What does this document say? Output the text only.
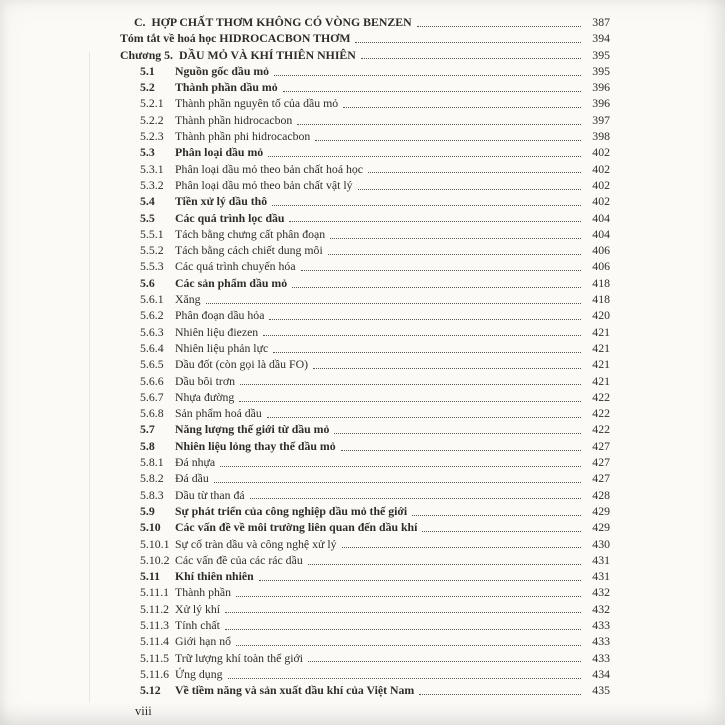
C. HỢP CHẤT THƠM KHÔNG CÓ VÒNG BENZEN	387
Tóm tắt về hoá học HIDROCACBON THƠM	394
Chương 5. DẦU MỎ VÀ KHÍ THIÊN NHIÊN	395
5.1	Nguồn gốc dầu mỏ	395
5.2	Thành phần dầu mỏ	396
5.2.1 Thành phần nguyên tố của dầu mỏ	396
5.2.2 Thành phần hidrocacbon	397
5.2.3 Thành phần phi hidrocacbon	398
5.3	Phân loại dầu mỏ	402
5.3.1 Phân loại dầu mỏ theo bản chất hoá học	402
5.3.2 Phân loại dầu mỏ theo bản chất vật lý	402
5.4	Tiền xử lý dầu thô	402
5.5	Các quá trình lọc dầu	404
5.5.1 Tách bằng chưng cất phân đoạn	404
5.5.2 Tách bằng cách chiết dung môi	406
5.5.3 Các quá trình chuyển hóa	406
5.6	Các sản phẩm dầu mỏ	418
5.6.1 Xăng	418
5.6.2 Phân đoạn dầu hỏa	420
5.6.3 Nhiên liệu điezen	421
5.6.4 Nhiên liệu phản lực	421
5.6.5 Dầu đốt (còn gọi là dầu FO)	421
5.6.6 Dầu bôi trơn	421
5.6.7 Nhựa đường	422
5.6.8 Sản phẩm hoá dầu	422
5.7	Năng lượng thế giới từ dầu mỏ	422
5.8	Nhiên liệu lỏng thay thế dầu mỏ	427
5.8.1 Đá nhựa	427
5.8.2 Đá dầu	427
5.8.3 Dầu từ than đá	428
5.9	Sự phát triển của công nghiệp dầu mỏ thế giới	429
5.10	Các vấn đề về môi trường liên quan đến dầu khí	429
5.10.1 Sự cố tràn dầu và công nghệ xử lý	430
5.10.2 Các vấn đề của các rác dầu	431
5.11	Khí thiên nhiên	431
5.11.1 Thành phần	432
5.11.2 Xử lý khí	432
5.11.3 Tính chất	433
5.11.4 Giới hạn nổ	433
5.11.5 Trữ lượng khí toàn thế giới	433
5.11.6 Ứng dụng	434
5.12	Về tiềm năng và sản xuất dầu khí của Việt Nam	435
viii
